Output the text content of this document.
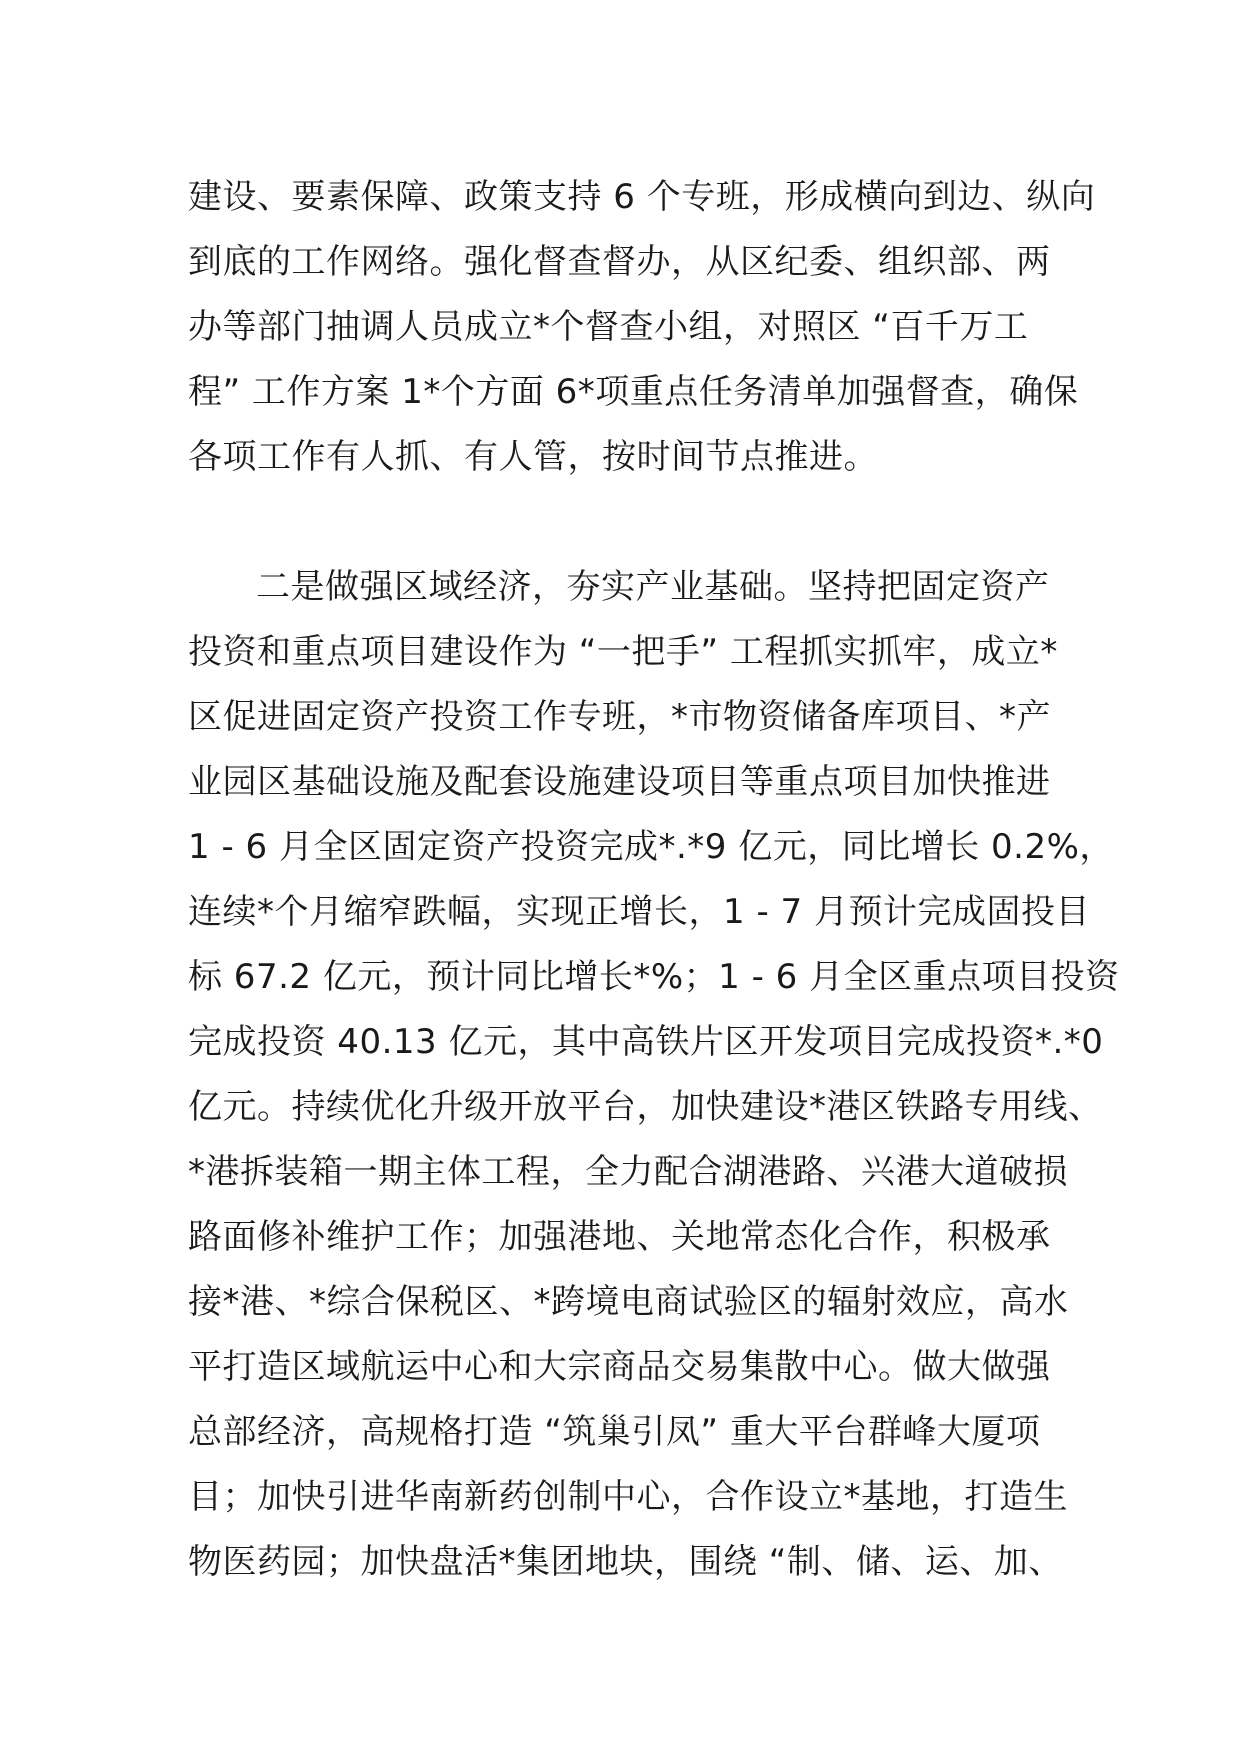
建设、要素保障、政策支持 6 个专班，形成横向到边、纵向
到底的工作网络。强化督查督办，从区纪委、组织部、两
办等部门抽调人员成立*个督查小组，对照区 “百千万工
程” 工作方案 1*个方面 6*项重点任务清单加强督查，确保
各项工作有人抓、有人管，按时间节点推进。
二是做强区域经济，夯实产业基础。坚持把固定资产
投资和重点项目建设作为 “一把手” 工程抓实抓牢，成立*
区促进固定资产投资工作专班，*市物资储备库项目、*产
业园区基础设施及配套设施建设项目等重点项目加快推进
1 - 6 月全区固定资产投资完成*.*9 亿元，同比增长 0.2%，
连续*个月缩窄跌幅，实现正增长，1 - 7 月预计完成固投目
标 67.2 亿元，预计同比增长*%；1 - 6 月全区重点项目投资
完成投资 40.13 亿元，其中高铁片区开发项目完成投资*.*0
亿元。持续优化升级开放平台，加快建设*港区铁路专用线、
*港拆装箱一期主体工程，全力配合湖港路、兴港大道破损
路面修补维护工作；加强港地、关地常态化合作，积极承
接*港、*综合保税区、*跨境电商试验区的辐射效应，高水
平打造区域航运中心和大宗商品交易集散中心。做大做强
总部经济，高规格打造 “筑巢引凤” 重大平台群峰大厦项
目；加快引进华南新药创制中心，合作设立*基地，打造生
物医药园；加快盘活*集团地块，围绕 “制、储、运、加、
